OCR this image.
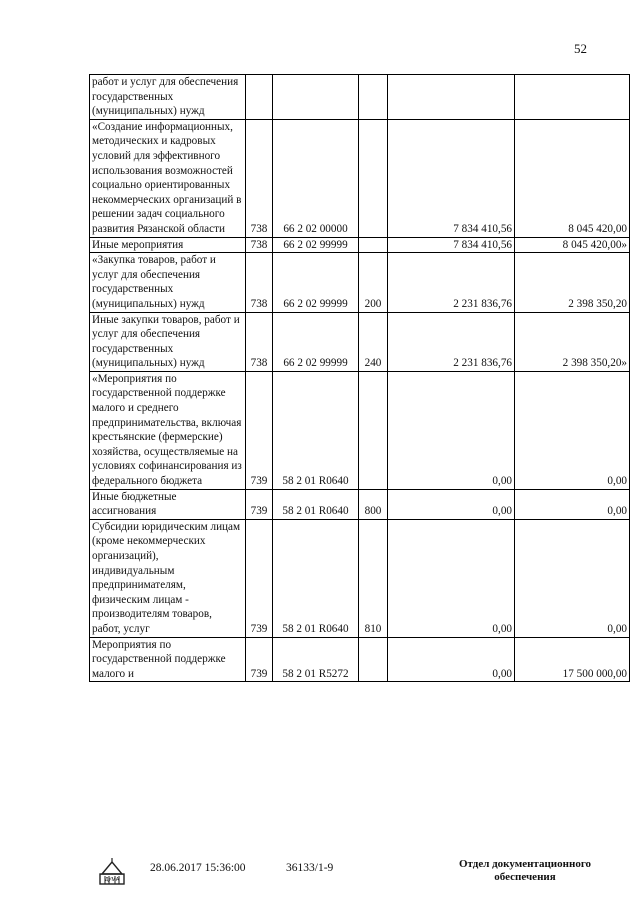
52
работ и услуг для обеспечения государственных (муниципальных) нужд					
«Создание информационных, методических и кадровых условий для эффективного использования возможностей социально ориентированных некоммерческих организаций в решении задач социального развития Рязанской области	738	66 2 02 00000		7 834 410,56	8 045 420,00
Иные мероприятия	738	66 2 02 99999		7 834 410,56	8 045 420,00»
«Закупка товаров, работ и услуг для обеспечения государственных (муниципальных) нужд	738	66 2 02 99999	200	2 231 836,76	2 398 350,20
Иные закупки товаров, работ и услуг для обеспечения государственных (муниципальных) нужд	738	66 2 02 99999	240	2 231 836,76	2 398 350,20»
«Мероприятия по государственной поддержке малого и среднего предпринимательства, включая крестьянские (фермерские) хозяйства, осуществляемые на условиях софинансирования из федерального бюджета	739	58 2 01 R0640		0,00	0,00
Иные бюджетные ассигнования	739	58 2 01 R0640	800	0,00	0,00
Субсидии юридическим лицам (кроме некоммерческих организаций), индивидуальным предпринимателям, физическим лицам - производителям товаров, работ, услуг	739	58 2 01 R0640	810	0,00	0,00
Мероприятия по государственной поддержке малого и	739	58 2 01 R5272		0,00	17 500 000,00
ДУМА
28.06.2017 15:36:00	36133/1-9	Отдел документационного обеспечения
